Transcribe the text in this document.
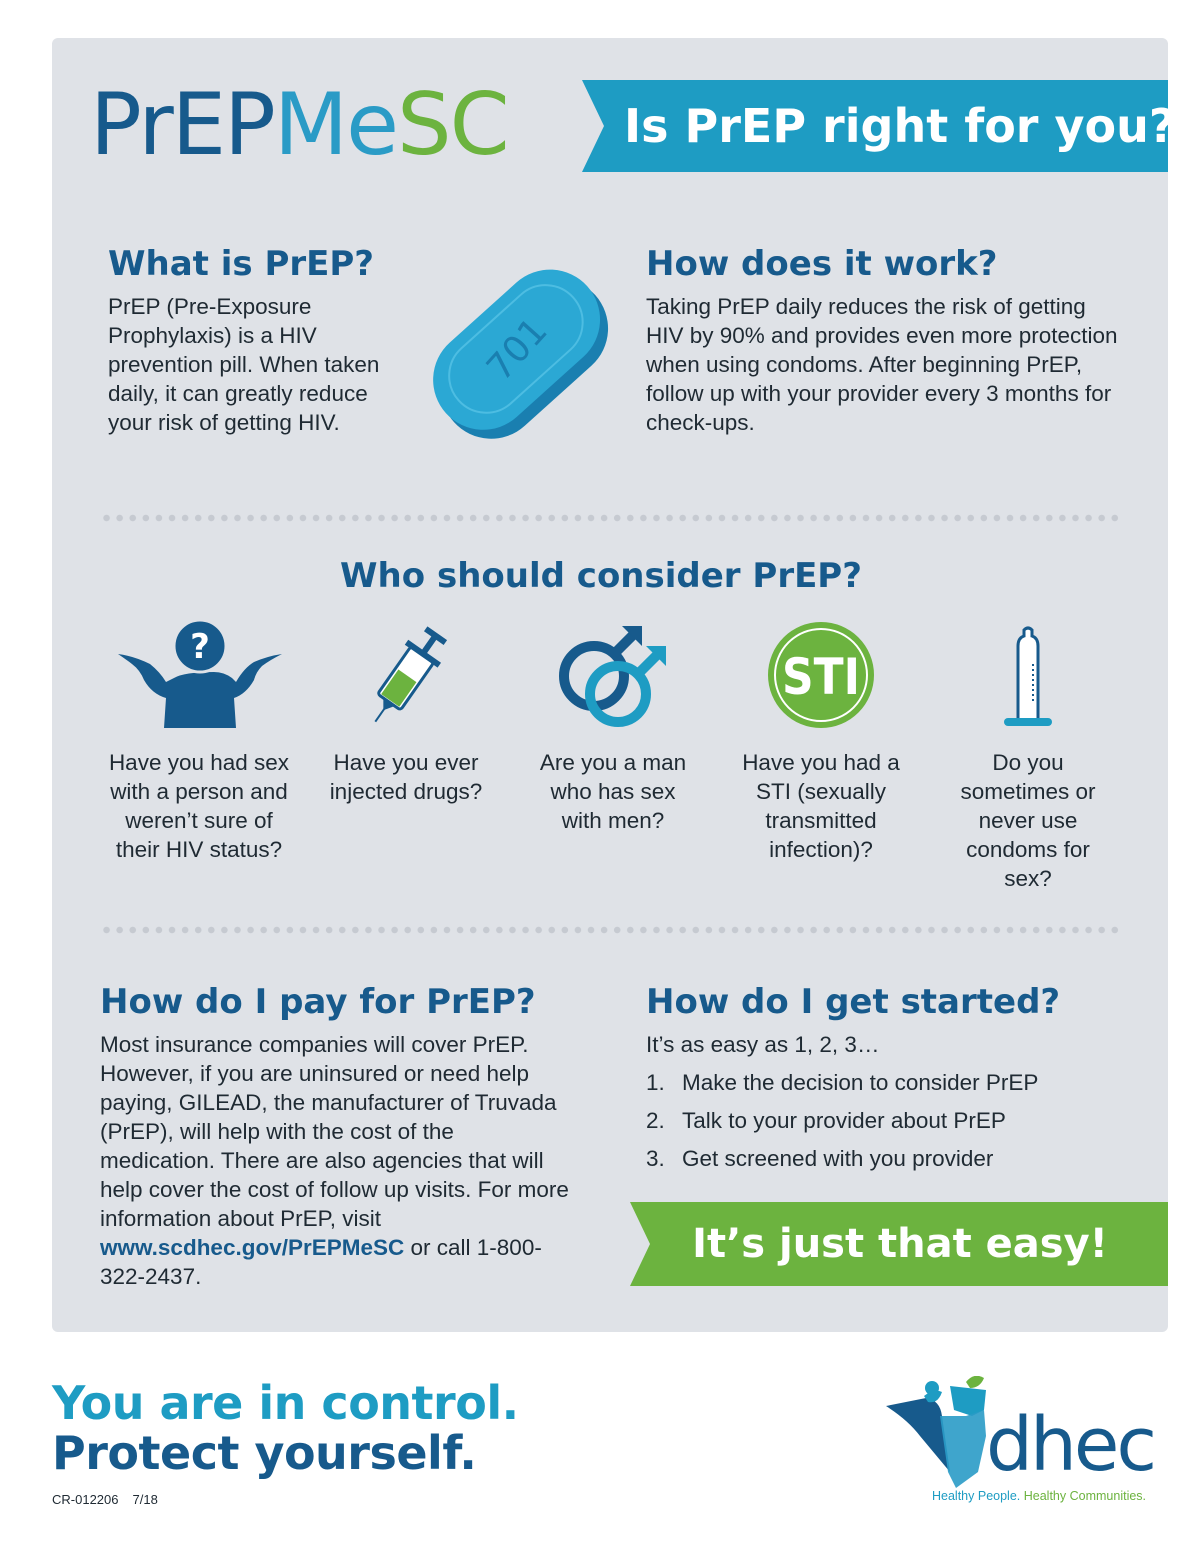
PrEPMeSC	Is PrEP right for you?
What is PrEP?
PrEP (Pre-Exposure Prophylaxis) is a HIV prevention pill. When taken daily, it can greatly reduce your risk of getting HIV.
701
How does it work?
Taking PrEP daily reduces the risk of getting HIV by 90% and provides even more protection when using condoms. After beginning PrEP, follow up with your provider every 3 months for check-ups.
Who should consider PrEP?
?
STI
Have you had sex with a person and weren’t sure of their HIV status?
Have you ever injected drugs?
Are you a man who has sex with men?
Have you had a STI (sexually transmitted infection)?
Do you sometimes or never use condoms for sex?
How do I pay for PrEP?
Most insurance companies will cover PrEP. However, if you are uninsured or need help paying, GILEAD, the manufacturer of Truvada (PrEP), will help with the cost of the medication. There are also agencies that will help cover the cost of follow up visits. For more information about PrEP, visit www.scdhec.gov/PrEPMeSC or call 1-800-322-2437.
How do I get started?
It’s as easy as 1, 2, 3…
1. Make the decision to consider PrEP
2. Talk to your provider about PrEP
3. Get screened with you provider
It’s just that easy!
You are in control.
Protect yourself.
CR-012206 7/18
dhec
Healthy People. Healthy Communities.
